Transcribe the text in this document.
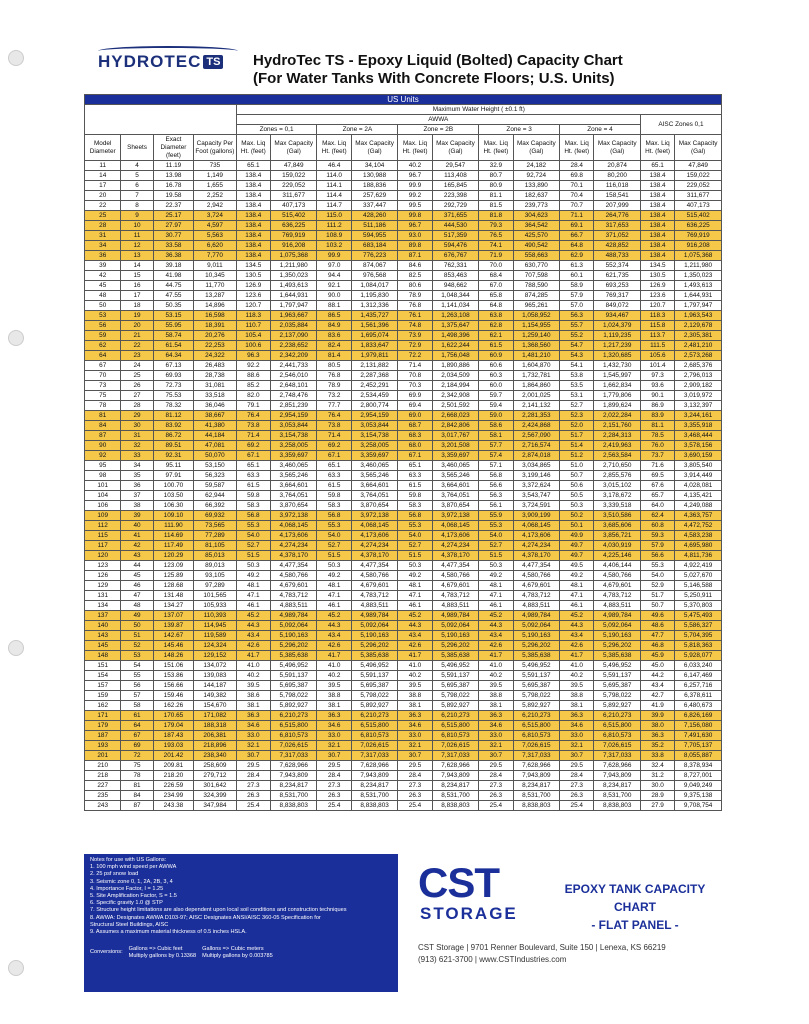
HYDROTEC TS HydroTec TS - Epoxy Liquid (Bolted) Capacity Chart
(For Water Tanks With Concrete Floors; U.S. Units)
US Units															
				Maximum Water Height ( ±0.1 ft)											
				AWWA										AISC Zones 0,1	
				Zones = 0,1		Zone = 2A		Zone = 2B		Zone = 3		Zone = 4			
Model Diameter	Sheets	Exact Diameter (feet)	Capacity Per Foot (gallons)	Max. Liq Ht. (feet)	Max Capacity (Gal)	Max. Liq Ht. (feet)	Max Capacity (Gal)	Max. Liq Ht. (feet)	Max Capacity (Gal)	Max. Liq Ht. (feet)	Max Capacity (Gal)	Max. Liq Ht. (feet)	Max Capacity (Gal)	Max. Liq Ht. (feet)	Max Capacity (Gal)
11	4	11.19	735	65.1	47,849	46.4	34,104	40.2	29,547	32.9	24,182	28.4	20,874	65.1	47,849
14	5	13.98	1,149	138.4	159,022	114.0	130,988	96.7	113,408	80.7	92,724	69.8	80,200	138.4	159,022
17	6	16.78	1,655	138.4	229,052	114.1	188,836	99.9	165,845	80.9	133,890	70.1	116,018	138.4	229,052
20	7	19.58	2,252	138.4	311,677	114.4	257,629	99.2	223,398	81.1	182,637	70.4	158,541	138.4	311,677
22	8	22.37	2,942	138.4	407,173	114.7	337,447	99.5	292,729	81.5	239,773	70.7	207,999	138.4	407,173
25	9	25.17	3,724	138.4	515,402	115.0	428,260	99.8	371,655	81.8	304,623	71.1	264,776	138.4	515,402
28	10	27.97	4,597	138.4	636,225	111.2	511,186	96.7	444,530	79.3	364,542	69.1	317,653	138.4	636,225
31	11	30.77	5,563	138.4	769,919	108.9	594,955	93.0	517,359	76.5	425,570	66.7	371,052	138.4	769,919
34	12	33.58	6,620	138.4	916,208	103.2	683,184	89.8	594,476	74.1	490,542	64.8	428,852	138.4	916,208
36	13	36.38	7,770	138.4	1,075,368	99.9	776,223	87.1	676,767	71.9	558,663	62.9	488,733	138.4	1,075,368
39	14	39.18	9,011	134.5	1,211,980	97.0	874,067	84.6	762,331	70.0	630,770	61.3	552,374	134.5	1,211,980
42	15	41.98	10,345	130.5	1,350,023	94.4	976,568	82.5	853,463	68.4	707,598	60.1	621,735	130.5	1,350,023
45	16	44.75	11,770	126.9	1,493,613	92.1	1,084,017	80.6	948,662	67.0	788,590	58.9	693,253	126.9	1,493,613
48	17	47.55	13,287	123.6	1,644,931	90.0	1,195,830	78.9	1,048,344	65.8	874,285	57.9	769,317	123.6	1,644,931
50	18	50.35	14,896	120.7	1,797,947	88.1	1,312,336	76.8	1,141,034	64.8	965,261	57.0	849,072	120.7	1,797,947
53	19	53.15	16,598	118.3	1,963,667	86.5	1,435,727	76.1	1,263,108	63.8	1,058,952	56.3	934,467	118.3	1,963,543
56	20	55.95	18,391	110.7	2,035,884	84.9	1,561,396	74.8	1,375,647	62.8	1,154,955	55.7	1,024,379	115.8	2,129,678
59	21	58.74	20,276	105.4	2,137,090	83.6	1,695,074	73.9	1,498,396	62.1	1,259,140	55.2	1,119,235	113.7	2,305,381
62	22	61.54	22,253	100.6	2,238,652	82.4	1,833,647	72.9	1,622,244	61.5	1,368,560	54.7	1,217,239	111.5	2,481,210
64	23	64.34	24,322	96.3	2,342,209	81.4	1,979,811	72.2	1,756,048	60.9	1,481,210	54.3	1,320,685	105.6	2,573,268
67	24	67.13	26,483	92.2	2,441,733	80.5	2,131,882	71.4	1,890,886	60.6	1,604,870	54.1	1,432,730	101.4	2,685,376
70	25	69.93	28,738	88.6	2,546,010	76.8	2,287,368	70.8	2,034,509	60.3	1,732,781	53.8	1,545,997	97.3	2,796,013
73	26	72.73	31,081	85.2	2,648,101	78.9	2,452,291	70.3	2,184,994	60.0	1,864,860	53.5	1,662,834	93.6	2,909,182
75	27	75.53	33,518	82.0	2,748,476	73.2	2,534,459	69.9	2,342,908	59.7	2,001,025	53.1	1,779,806	90.1	3,019,972
78	28	78.32	36,046	79.1	2,851,239	77.7	2,800,774	69.4	2,501,592	59.4	2,141,132	52.7	1,899,624	86.9	3,132,397
81	29	81.12	38,667	76.4	2,954,159	76.4	2,954,159	69.0	2,668,023	59.0	2,281,353	52.3	2,022,284	83.9	3,244,161
84	30	83.92	41,380	73.8	3,053,844	73.8	3,053,844	68.7	2,842,806	58.6	2,424,868	52.0	2,151,760	81.1	3,355,918
87	31	86.72	44,184	71.4	3,154,738	71.4	3,154,738	68.3	3,017,767	58.1	2,567,090	51.7	2,284,313	78.5	3,468,444
90	32	89.51	47,081	69.2	3,258,005	69.2	3,258,005	68.0	3,201,508	57.7	2,716,574	51.4	2,419,963	76.0	3,578,156
92	33	92.31	50,070	67.1	3,359,697	67.1	3,359,697	67.1	3,359,697	57.4	2,874,018	51.2	2,563,584	73.7	3,690,159
95	34	95.11	53,150	65.1	3,460,065	65.1	3,460,065	65.1	3,460,065	57.1	3,034,865	51.0	2,710,650	71.6	3,805,540
98	35	97.91	56,323	63.3	3,565,246	63.3	3,565,246	63.3	3,565,246	56.8	3,199,146	50.7	2,855,576	69.5	3,914,449
101	36	100.70	59,587	61.5	3,664,601	61.5	3,664,601	61.5	3,664,601	56.6	3,372,624	50.6	3,015,102	67.6	4,028,081
104	37	103.50	62,944	59.8	3,764,051	59.8	3,764,051	59.8	3,764,051	56.3	3,543,747	50.5	3,178,672	65.7	4,135,421
106	38	106.30	66,392	58.3	3,870,654	58.3	3,870,654	58.3	3,870,654	56.1	3,724,591	50.3	3,339,518	64.0	4,249,088
109	39	109.10	69,932	56.8	3,972,138	56.8	3,972,138	56.8	3,972,138	55.9	3,909,199	50.2	3,510,586	62.4	4,363,757
112	40	111.90	73,565	55.3	4,068,145	55.3	4,068,145	55.3	4,068,145	55.3	4,068,145	50.1	3,685,606	60.8	4,472,752
115	41	114.69	77,289	54.0	4,173,606	54.0	4,173,606	54.0	4,173,606	54.0	4,173,606	49.9	3,856,721	59.3	4,583,238
117	42	117.49	81,105	52.7	4,274,234	52.7	4,274,234	52.7	4,274,234	52.7	4,274,234	49.7	4,030,919	57.9	4,695,980
120	43	120.29	85,013	51.5	4,378,170	51.5	4,378,170	51.5	4,378,170	51.5	4,378,170	49.7	4,225,146	56.6	4,811,736
123	44	123.09	89,013	50.3	4,477,354	50.3	4,477,354	50.3	4,477,354	50.3	4,477,354	49.5	4,406,144	55.3	4,922,419
126	45	125.89	93,105	49.2	4,580,766	49.2	4,580,766	49.2	4,580,766	49.2	4,580,766	49.2	4,580,766	54.0	5,027,670
129	46	128.68	97,289	48.1	4,679,601	48.1	4,679,601	48.1	4,679,601	48.1	4,679,601	48.1	4,679,601	52.9	5,146,588
131	47	131.48	101,565	47.1	4,783,712	47.1	4,783,712	47.1	4,783,712	47.1	4,783,712	47.1	4,783,712	51.7	5,250,911
134	48	134.27	105,933	46.1	4,883,511	46.1	4,883,511	46.1	4,883,511	46.1	4,883,511	46.1	4,883,511	50.7	5,370,803
137	49	137.07	110,393	45.2	4,989,784	45.2	4,989,784	45.2	4,989,784	45.2	4,989,784	45.2	4,989,784	49.6	5,475,493
140	50	139.87	114,945	44.3	5,092,064	44.3	5,092,064	44.3	5,092,064	44.3	5,092,064	44.3	5,092,064	48.6	5,586,327
143	51	142.67	119,589	43.4	5,190,163	43.4	5,190,163	43.4	5,190,163	43.4	5,190,163	43.4	5,190,163	47.7	5,704,395
145	52	145.46	124,324	42.6	5,296,202	42.6	5,296,202	42.6	5,296,202	42.6	5,296,202	42.6	5,296,202	46.8	5,818,363
148	53	148.26	129,152	41.7	5,385,638	41.7	5,385,638	41.7	5,385,638	41.7	5,385,638	41.7	5,385,638	45.9	5,928,077
151	54	151.06	134,072	41.0	5,496,952	41.0	5,496,952	41.0	5,496,952	41.0	5,496,952	41.0	5,496,952	45.0	6,033,240
154	55	153.86	139,083	40.2	5,591,137	40.2	5,591,137	40.2	5,591,137	40.2	5,591,137	40.2	5,591,137	44.2	6,147,469
157	56	156.66	144,187	39.5	5,695,387	39.5	5,695,387	39.5	5,695,387	39.5	5,695,387	39.5	5,695,387	43.4	6,257,716
159	57	159.46	149,382	38.6	5,798,022	38.8	5,798,022	38.8	5,798,022	38.8	5,798,022	38.8	5,798,022	42.7	6,378,611
162	58	162.26	154,670	38.1	5,892,927	38.1	5,892,927	38.1	5,892,927	38.1	5,892,927	38.1	5,892,927	41.9	6,480,673
171	61	170.65	171,082	36.3	6,210,273	36.3	6,210,273	36.3	6,210,273	36.3	6,210,273	36.3	6,210,273	39.9	6,826,169
179	64	179.04	188,318	34.6	6,515,800	34.6	6,515,800	34.6	6,515,800	34.6	6,515,800	34.6	6,515,800	38.0	7,156,080
187	67	187.43	206,381	33.0	6,810,573	33.0	6,810,573	33.0	6,810,573	33.0	6,810,573	33.0	6,810,573	36.3	7,491,630
193	69	193.03	218,896	32.1	7,026,615	32.1	7,026,615	32.1	7,026,615	32.1	7,026,615	32.1	7,026,615	35.2	7,705,137
201	72	201.42	238,340	30.7	7,317,033	30.7	7,317,033	30.7	7,317,033	30.7	7,317,033	30.7	7,317,033	33.8	8,055,887
210	75	209.81	258,609	29.5	7,628,966	29.5	7,628,966	29.5	7,628,966	29.5	7,628,966	29.5	7,628,966	32.4	8,378,934
218	78	218.20	279,712	28.4	7,943,809	28.4	7,943,809	28.4	7,943,809	28.4	7,943,809	28.4	7,943,809	31.2	8,727,001
227	81	226.59	301,642	27.3	8,234,817	27.3	8,234,817	27.3	8,234,817	27.3	8,234,817	27.3	8,234,817	30.0	9,049,249
235	84	234.99	324,399	26.3	8,531,700	26.3	8,531,700	26.3	8,531,700	26.3	8,531,700	26.3	8,531,700	28.9	9,375,138
243	87	243.38	347,984	25.4	8,838,803	25.4	8,838,803	25.4	8,838,803	25.4	8,838,803	25.4	8,838,803	27.9	9,708,754
Notes for use with US Gallons:
1. 100 mph wind speed per AWWA
2. 25 psf snow load
3. Seismic zone 0, 1, 2A, 2B, 3, 4
4. Importance Factor, I = 1.25
5. Site Amplification Factor, S = 1.5
6. Specific gravity 1.0 @ STP
7. Structure height limitations are also dependent upon local soil conditions and construction techniques
8. AWWA: Designates AWWA D103-97; AISC Designates ANSI/AISC 360-05 Specification for
Structural Steel Buildings, AISC
9. Assumes a maximum material thickness of 0.5 inches HSLA.
Conversions: Gallons => Cubic feet
Multiply gallons by 0.13368
Gallons => Cubic meters
Multiply gallons by 0.003785
CST
STORAGE
EPOXY TANK CAPACITY CHART
- FLAT PANEL -
CST Storage | 9701 Renner Boulevard, Suite 150 | Lenexa, KS 66219
(913) 621-3700 | www.CSTIndustries.com
